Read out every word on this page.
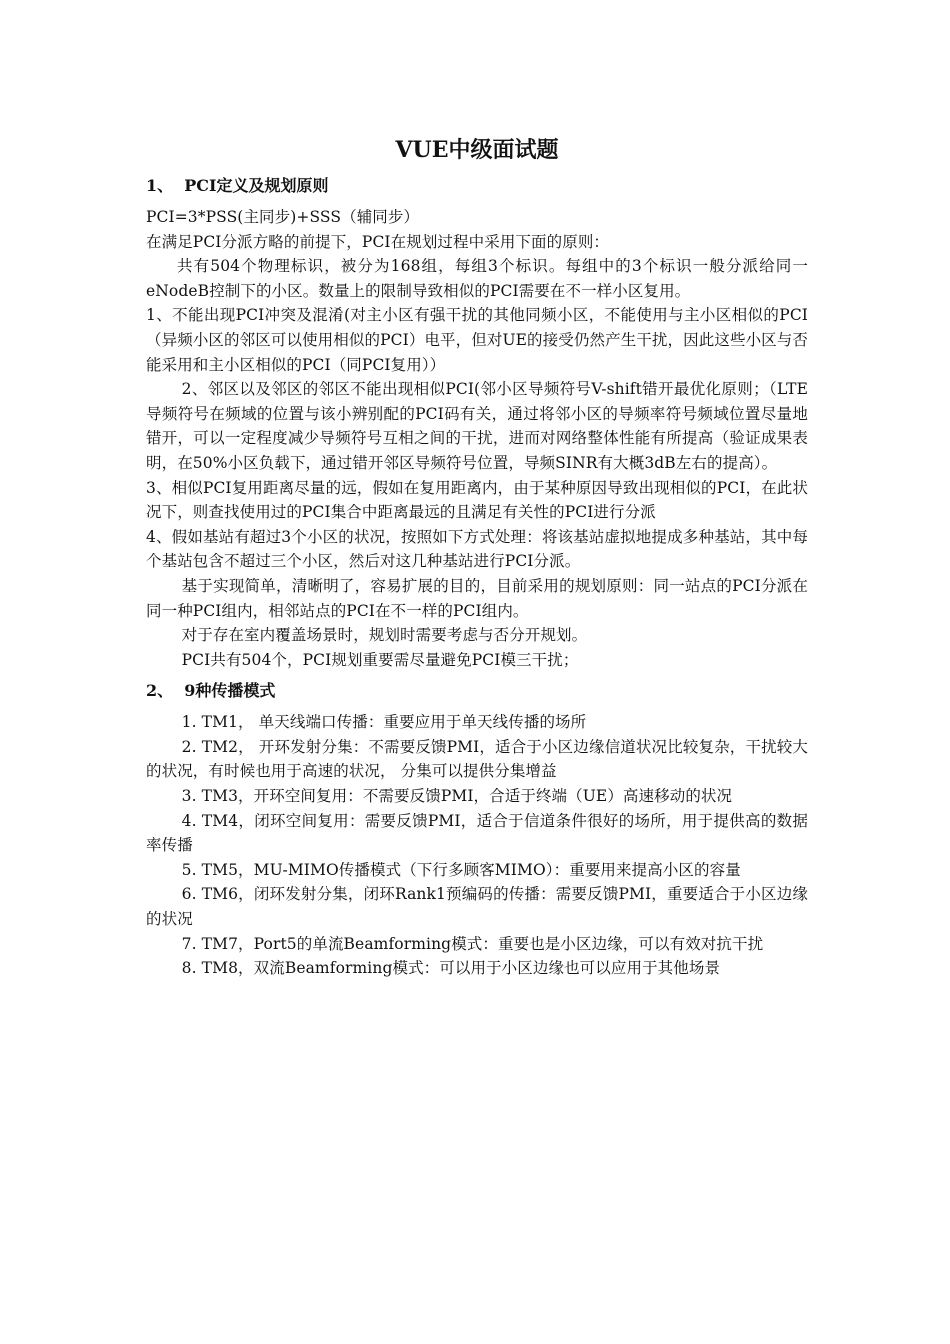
VUE中级面试题
1、  PCI定义及规划原则

PCI=3*PSS(主同步)+SSS（辅同步）

在满足PCI分派方略的前提下，PCI在规划过程中采用下面的原则：

共有504个物理标识，被分为168组，每组3个标识。每组中的3个标识一般分派给同一eNodeB控制下的小区。数量上的限制导致相似的PCI需要在不一样小区复用。

1、不能出现PCI冲突及混淆(对主小区有强干扰的其他同频小区，不能使用与主小区相似的PCI（异频小区的邻区可以使用相似的PCI）电平，但对UE的接受仍然产生干扰，因此这些小区与否能采用和主小区相似的PCI（同PCI复用））

2、邻区以及邻区的邻区不能出现相似PCI(邻小区导频符号V-shift错开最优化原则；（LTE导频符号在频域的位置与该小辨别配的PCI码有关，通过将邻小区的导频率符号频域位置尽量地错开，可以一定程度减少导频符号互相之间的干扰，进而对网络整体性能有所提高（验证成果表明，在50%小区负载下，通过错开邻区导频符号位置，导频SINR有大概3dB左右的提高）。

3、相似PCI复用距离尽量的远，假如在复用距离内，由于某种原因导致出现相似的PCI，在此状况下，则查找使用过的PCI集合中距离最远的且满足有关性的PCI进行分派

4、假如基站有超过3个小区的状况，按照如下方式处理：将该基站虚拟地提成多种基站，其中每个基站包含不超过三个小区，然后对这几种基站进行PCI分派。

基于实现简单，清晰明了，容易扩展的目的，目前采用的规划原则：同一站点的PCI分派在同一种PCI组内，相邻站点的PCI在不一样的PCI组内。

对于存在室内覆盖场景时，规划时需要考虑与否分开规划。

PCI共有504个，PCI规划重要需尽量避免PCI模三干扰；

2、  9种传播模式

1. TM1， 单天线端口传播：重要应用于单天线传播的场所

2. TM2， 开环发射分集：不需要反馈PMI，适合于小区边缘信道状况比较复杂，干扰较大的状况，有时候也用于高速的状况， 分集可以提供分集增益

3. TM3，开环空间复用：不需要反馈PMI，合适于终端（UE）高速移动的状况

4. TM4，闭环空间复用：需要反馈PMI，适合于信道条件很好的场所，用于提供高的数据率传播

5. TM5，MU-MIMO传播模式（下行多顾客MIMO）：重要用来提高小区的容量

6. TM6，闭环发射分集，闭环Rank1预编码的传播：需要反馈PMI，重要适合于小区边缘的状况

7. TM7，Port5的单流Beamforming模式：重要也是小区边缘，可以有效对抗干扰

8. TM8，双流Beamforming模式：可以用于小区边缘也可以应用于其他场景
